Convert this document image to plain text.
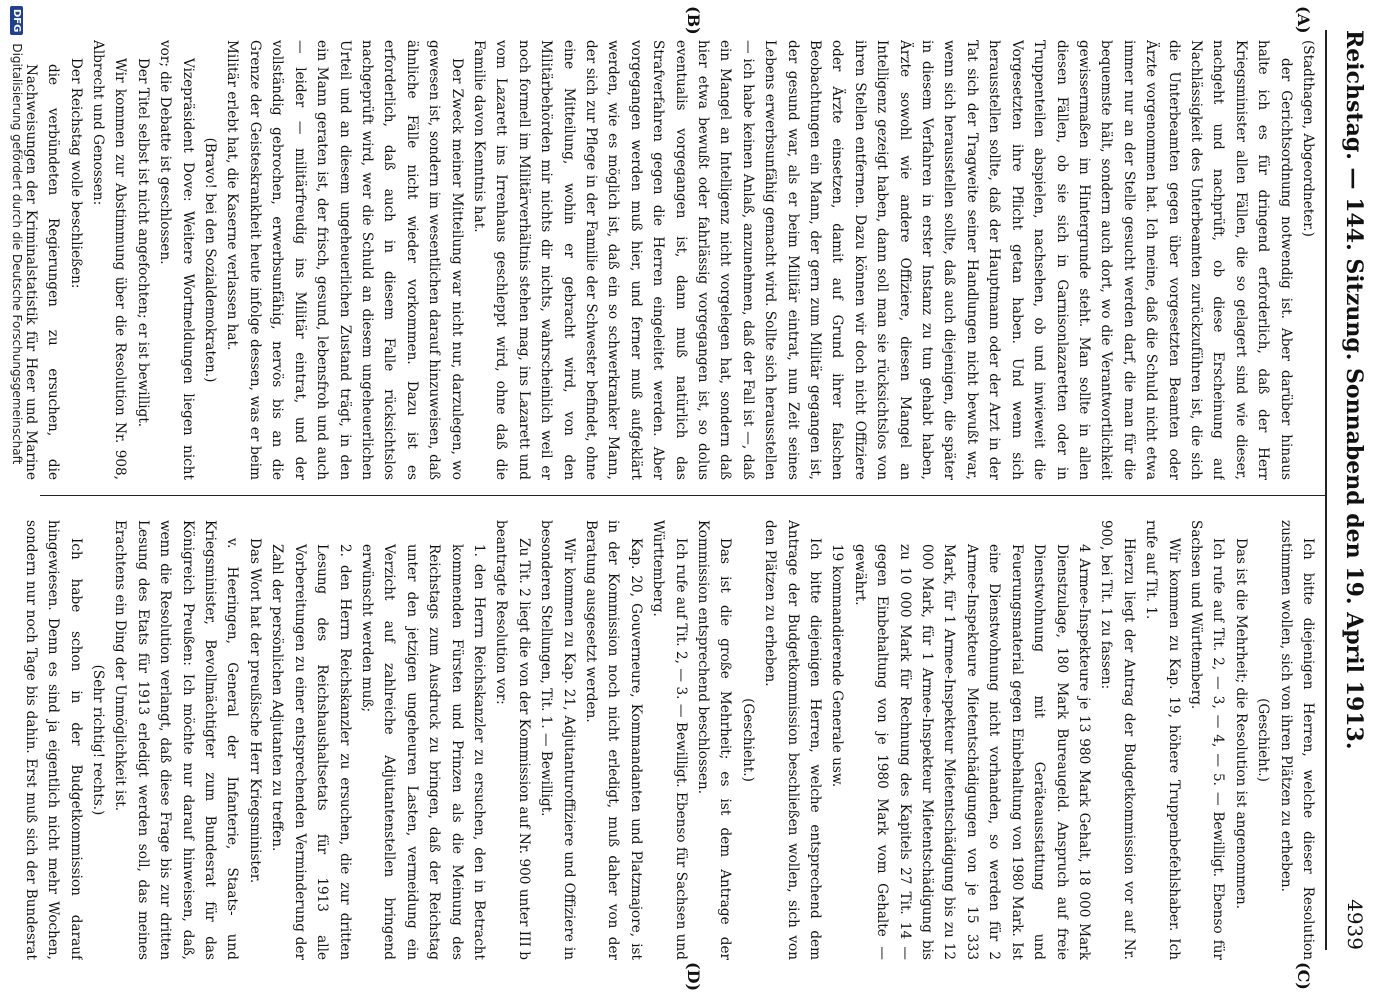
Reichstag. — 144. Sitzung. Sonnabend den 19. April 1913.
4939
(A)
(B)
(C)
(D)

(Stadthagen, Abgeordneter.)

der Gerichtsordnung notwendig ist. Aber darüber hinaus halte ich es für dringend erforderlich, daß der Herr Kriegsminister allen Fällen, die so gelagert sind wie dieser, nachgeht und nachprüft, ob diese Erscheinung auf Nachlässigkeit des Unterbeamten zurückzuführen ist, die sich die Unterbeamten gegen über vorgesetzten Beamten oder Ärzte vorgenommen hat. Ich meine, daß die Schuld nicht etwa immer nur an der Stelle gesucht werden darf, die man für die bequemste hält, sondern auch dort, wo die Verantwortlichkeit gewissermaßen im Hintergrunde steht. Man sollte in allen diesen Fällen, ob sie sich in Garnisonlazaretten oder in Truppenteilen abspielen, nachsehen, ob und inwieweit die Vorgesetzten ihre Pflicht getan haben. Und wenn sich herausstellen sollte, daß der Hauptmann oder der Arzt in der Tat sich der Tragweite seiner Handlungen nicht bewußt war, wenn sich herausstellen sollte, daß auch diejenigen, die später in diesem Verfahren in erster Instanz zu tun gehabt haben, Ärzte sowohl wie andere Offiziere, diesen Mangel an Intelligenz gezeigt haben, dann soll man sie rücksichtslos von ihren Stellen entfernen. Dazu können wir doch nicht Offiziere oder Ärzte einsetzen, damit auf Grund ihrer falschen Beobachtungen ein Mann, der gern zum Militär gegangen ist, der gesund war, als er beim Militär eintrat, nun Zeit seines Lebens erwerbsunfähig gemacht wird. Sollte sich herausstellen — ich habe keinen Anlaß, anzunehmen, daß der Fall ist —, daß ein Mangel an Intelligenz nicht vorgelegen hat, sondern daß hier etwa bewußt oder fahrlässig vorgegangen ist, so dolus eventualis vorgegangen ist, dann muß natürlich das Strafverfahren gegen die Herren eingeleitet werden. Aber vorgegangen werden muß hier, und ferner muß aufgeklärt werden, wie es möglich ist, daß ein so schwerkranker Mann, der sich zur Pflege in der Familie der Schwester befindet, ohne eine Mitteilung, wohin er gebracht wird, von den Militärbehörden mir nichts dir nichts, wahrscheinlich weil er noch formell im Militärverhältnis stehen mag, ins Lazarett und vom Lazarett ins Irrenhaus geschleppt wird, ohne daß die Familie davon Kenntnis hat.

Der Zweck meiner Mitteilung war nicht nur, darzulegen, wo gewesen ist, sondern im wesentlichen darauf hinzuweisen, daß ähnliche Fälle nicht wieder vorkommen. Dazu ist es erforderlich, daß auch in diesem Falle rücksichtslos nachgeprüft wird, wer die Schuld an diesem ungeheuerlichen Urteil und an diesem ungeheuerlichen Zustand trägt, in den ein Mann geraten ist, der frisch, gesund, lebensfroh und auch — leider — militärfreudig ins Militär eintrat, und der vollständig gebrochen, erwerbsunfähig, nervös bis an die Grenze der Geisteskrankheit heute infolge dessen, was er beim Militär erlebt hat, die Kaserne verlassen hat.

(Bravo! bei den Sozialdemokraten.)

Vizepräsident Dove: Weitere Wortmeldungen liegen nicht vor; die Debatte ist geschlossen.

Der Titel selbst ist nicht angefochten; er ist bewilligt.

Wir kommen zur Abstimmung über die Resolution Nr. 908, Albrecht und Genossen:

Der Reichstag wolle beschließen:

die verbündeten Regierungen zu ersuchen, die Nachweisungen der Kriminalstatistik für Heer und Marine

Ich bitte diejenigen Herren, welche dieser Resolution zustimmen wollen, sich von ihren Plätzen zu erheben.

(Geschieht.)

Das ist die Mehrheit; die Resolution ist angenommen.

Ich rufe auf Tit. 2, — 3, — 4, — 5. — Bewilligt. Ebenso für Sachsen und Württemberg.

Wir kommen zu Kap. 19, höhere Truppenbefehlshaber. Ich rufe auf Tit. 1.

Hierzu liegt der Antrag der Budgetkommission vor auf Nr. 900, bei Tit. 1 zu fassen:

4 Armee-Inspekteure je 13 980 Mark Gehalt, 18 000 Mark Dienstzulage, 180 Mark Bureaugeld. Anspruch auf freie Dienstwohnung mit Geräteausstattung und Feuerungsmaterial gegen Einbehaltung von 1980 Mark. Ist eine Dienstwohnung nicht vorhanden, so werden für 2 Armee-Inspekteure Mietentschädigungen von je 15 333 Mark, für 1 Armee-Inspekteur Mietentschädigung bis zu 12 000 Mark, für 1 Armee-Inspekteur Mietentschädigung bis zu 10 000 Mark für Rechnung des Kapitels 27 Tit. 14 — gegen Einbehaltung von je 1980 Mark vom Gehalte — gewährt.

19 kommandierende Generale usw.

Ich bitte diejenigen Herren, welche entsprechend dem Antrage der Budgetkommission beschließen wollen, sich von den Plätzen zu erheben.

(Geschieht.)

Das ist die große Mehrheit; es ist dem Antrage der Kommission entsprechend beschlossen.

Ich rufe auf Tit. 2, — 3. — Bewilligt. Ebenso für Sachsen und Württemberg.

Kap. 20, Gouverneure, Kommandanten und Platzmajore, ist in der Kommission noch nicht erledigt, muß daher von der Beratung ausgesetzt werden.

Wir kommen zu Kap. 21, Adjutanturoffiziere und Offiziere in besonderen Stellungen, Tit. 1. — Bewilligt.

Zu Tit. 2 liegt die von der Kommission auf Nr. 900 unter III b beantragte Resolution vor:

1. den Herrn Reichskanzler zu ersuchen, den in Betracht kommenden Fürsten und Prinzen als die Meinung des Reichstags zum Ausdruck zu bringen, daß der Reichstag unter den jetzigen ungeheuren Lasten, vermeidung ein Verzicht auf zahlreiche Adjutantenstellen bringend erwünscht werden muß;

2. den Herrn Reichskanzler zu ersuchen, die zur dritten Lesung des Reichshaushaltsetats für 1913 alle Vorbereitungen zu einer entsprechenden Verminderung der Zahl der persönlichen Adjutanten zu treffen.

Das Wort hat der preußische Herr Kriegsminister.

v. Heeringen, General der Infanterie, Staats- und Kriegsminister, Bevollmächtigter zum Bundesrat für das Königreich Preußen: Ich möchte nur darauf hinweisen, daß, wenn die Resolution verlangt, daß diese Frage bis zur dritten Lesung des Etats für 1913 erledigt werden soll, das meines Erachtens ein Ding der Unmöglichkeit ist.

(Sehr richtig! rechts.)

Ich habe schon in der Budgetkommission darauf hingewiesen. Denn es sind ja eigentlich nicht mehr Wochen, sondern nur noch Tage bis dahin. Erst muß sich der Bundesrat

DFG
Digitalisierung gefördert durch die Deutsche Forschungsgemeinschaft
